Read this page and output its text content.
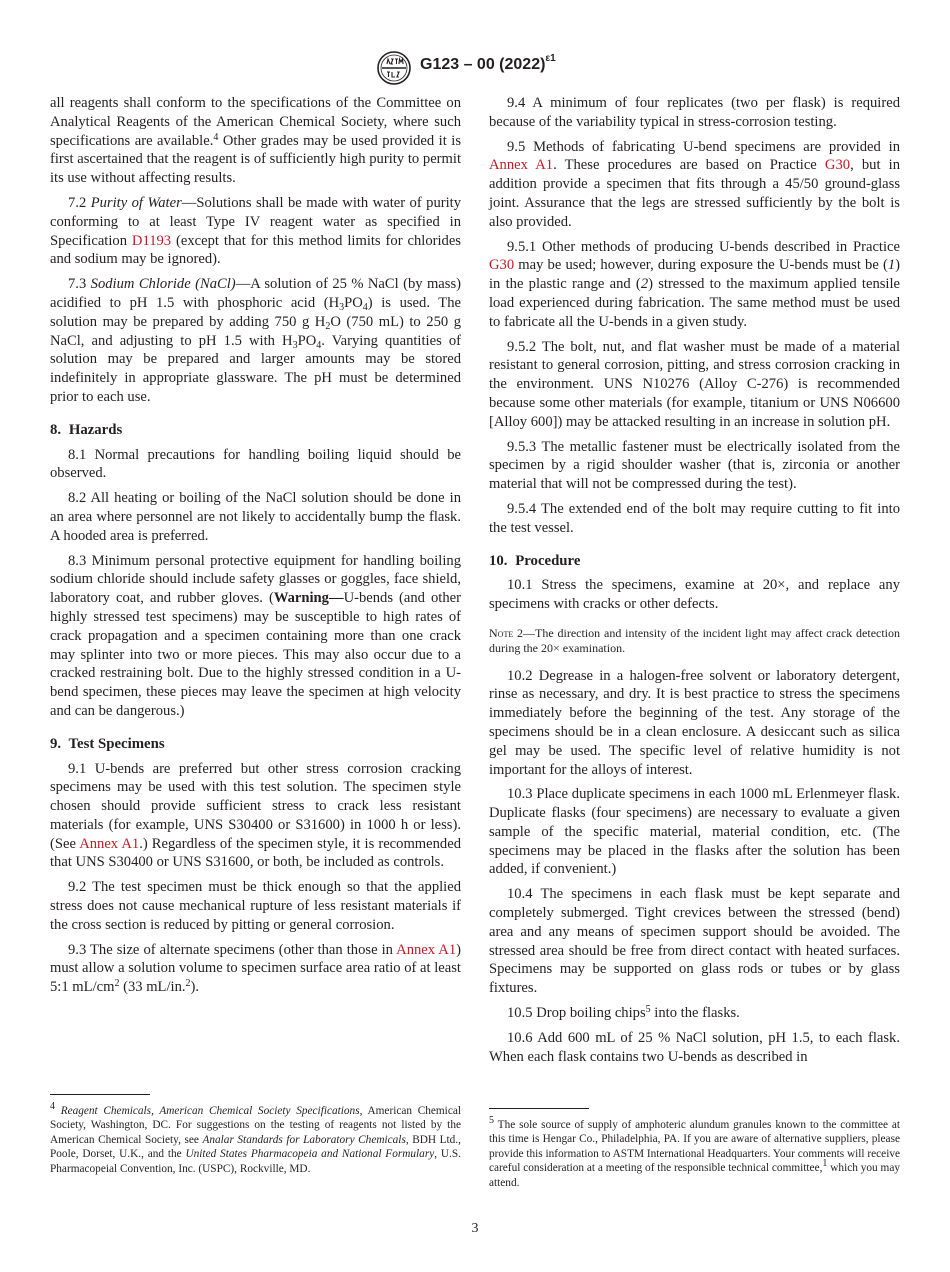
G123 – 00 $(2022)^{\varepsilon 1}$

all reagents shall conform to the specifications of the Committee on Analytical Reagents of the American Chemical Society, where such specifications are available.$^4$ Other grades may be used provided it is first ascertained that the reagent is of sufficiently high purity to permit its use without affecting results.

7.2 Purity of Water—Solutions shall be made with water of purity conforming to at least Type IV reagent water as specified in Specification D1193 (except that for this method limits for chlorides and sodium may be ignored).

7.3 Sodium Chloride (NaCl)—A solution of 25 % NaCl (by mass) acidified to pH 1.5 with phosphoric acid $(H_3PO_4)$ is used. The solution may be prepared by adding 750 g $H_2O$ (750 mL) to 250 g NaCl, and adjusting to pH 1.5 with $H_3PO_4$. Varying quantities of solution may be prepared and larger amounts may be stored indefinitely in appropriate glassware. The pH must be determined prior to each use.

8. Hazards

8.1 Normal precautions for handling boiling liquid should be observed.

8.2 All heating or boiling of the NaCl solution should be done in an area where personnel are not likely to accidentally bump the flask. A hooded area is preferred.

8.3 Minimum personal protective equipment for handling boiling sodium chloride should include safety glasses or goggles, face shield, laboratory coat, and rubber gloves. (Warning—U-bends (and other highly stressed test specimens) may be susceptible to high rates of crack propagation and a specimen containing more than one crack may splinter into two or more pieces. This may also occur due to a cracked restraining bolt. Due to the highly stressed condition in a U-bend specimen, these pieces may leave the specimen at high velocity and can be dangerous.)

9. Test Specimens

9.1 U-bends are preferred but other stress corrosion cracking specimens may be used with this test solution. The specimen style chosen should provide sufficient stress to crack less resistant materials (for example, UNS S30400 or S31600) in 1000 h or less). (See Annex A1.) Regardless of the specimen style, it is recommended that UNS S30400 or UNS S31600, or both, be included as controls.

9.2 The test specimen must be thick enough so that the applied stress does not cause mechanical rupture of less resistant materials if the cross section is reduced by pitting or general corrosion.

9.3 The size of alternate specimens (other than those in Annex A1) must allow a solution volume to specimen surface area ratio of at least 5:1 $mL/cm^2$ (33 mL/in.$^2$).

$^4$ Reagent Chemicals, American Chemical Society Specifications, American Chemical Society, Washington, DC. For suggestions on the testing of reagents not listed by the American Chemical Society, see Analar Standards for Laboratory Chemicals, BDH Ltd., Poole, Dorset, U.K., and the United States Pharmacopeia and National Formulary, U.S. Pharmacopeial Convention, Inc. (USPC), Rockville, MD.

9.4 A minimum of four replicates (two per flask) is required because of the variability typical in stress-corrosion testing.

9.5 Methods of fabricating U-bend specimens are provided in Annex A1. These procedures are based on Practice G30, but in addition provide a specimen that fits through a 45/50 ground-glass joint. Assurance that the legs are stressed sufficiently by the bolt is also provided.

9.5.1 Other methods of producing U-bends described in Practice G30 may be used; however, during exposure the U-bends must be (1) in the plastic range and (2) stressed to the maximum applied tensile load experienced during fabrication. The same method must be used to fabricate all the U-bends in a given study.

9.5.2 The bolt, nut, and flat washer must be made of a material resistant to general corrosion, pitting, and stress corrosion cracking in the environment. UNS N10276 (Alloy C-276) is recommended because some other materials (for example, titanium or UNS N06600 [Alloy 600]) may be attacked resulting in an increase in solution pH.

9.5.3 The metallic fastener must be electrically isolated from the specimen by a rigid shoulder washer (that is, zirconia or another material that will not be compressed during the test).

9.5.4 The extended end of the bolt may require cutting to fit into the test vessel.

10. Procedure

10.1 Stress the specimens, examine at 20×, and replace any specimens with cracks or other defects.

Note 2—The direction and intensity of the incident light may affect crack detection during the 20× examination.

10.2 Degrease in a halogen-free solvent or laboratory detergent, rinse as necessary, and dry. It is best practice to stress the specimens immediately before the beginning of the test. Any storage of the specimens should be in a clean enclosure. A desiccant such as silica gel may be used. The specific level of relative humidity is not important for the alloys of interest.

10.3 Place duplicate specimens in each 1000 mL Erlenmeyer flask. Duplicate flasks (four specimens) are necessary to evaluate a given sample of the specific material, material condition, etc. (The specimens may be placed in the flasks after the solution has been added, if convenient.)

10.4 The specimens in each flask must be kept separate and completely submerged. Tight crevices between the stressed (bend) area and any means of specimen support should be avoided. The stressed area should be free from direct contact with heated surfaces. Specimens may be supported on glass rods or tubes or by glass fixtures.

10.5 Drop boiling chips$^5$ into the flasks.

10.6 Add 600 mL of 25 % NaCl solution, pH 1.5, to each flask. When each flask contains two U-bends as described in

$^5$ The sole source of supply of amphoteric alundum granules known to the committee at this time is Hengar Co., Philadelphia, PA. If you are aware of alternative suppliers, please provide this information to ASTM International Headquarters. Your comments will receive careful consideration at a meeting of the responsible technical committee,$^1$ which you may attend.
3
